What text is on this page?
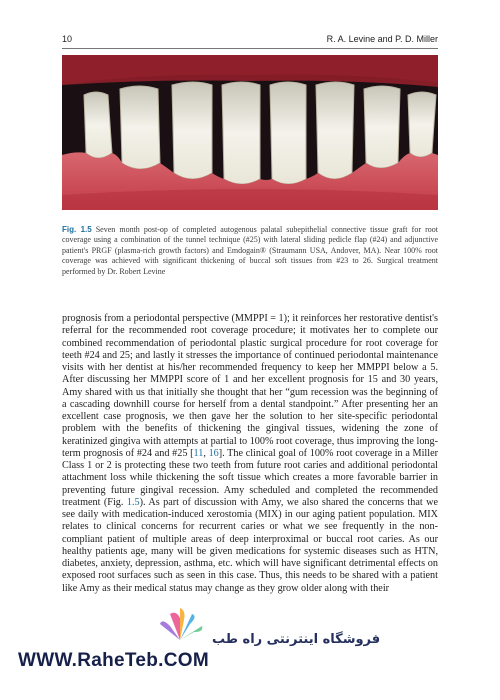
10	R. A. Levine and P. D. Miller
Fig. 1.5 Seven month post-op of completed autogenous palatal subepithelial connective tissue graft for root coverage using a combination of the tunnel technique (#25) with lateral sliding pedicle flap (#24) and adjunctive patient's PRGF (plasma-rich growth factors) and Emdogain® (Straumann USA, Andover, MA). Near 100% root coverage was achieved with significant thickening of buccal soft tissues from #23 to 26. Surgical treatment performed by Dr. Robert Levine
prognosis from a periodontal perspective (MMPPI = 1); it reinforces her restorative dentist's referral for the recommended root coverage procedure; it motivates her to complete our combined recommendation of periodontal plastic surgical procedure for root coverage for teeth #24 and 25; and lastly it stresses the importance of continued periodontal maintenance visits with her dentist at his/her recommended frequency to keep her MMPPI below a 5. After discussing her MMPPI score of 1 and her excellent prognosis for 15 and 30 years, Amy shared with us that initially she thought that her “gum recession was the beginning of a cascading downhill course for herself from a dental standpoint.” After presenting her an excellent case prognosis, we then gave her the solution to her site-specific periodontal problem with the benefits of thickening the gingival tissues, widening the zone of keratinized gingiva with attempts at partial to 100% root coverage, thus improving the long-term prognosis of #24 and #25 [11, 16]. The clinical goal of 100% root coverage in a Miller Class 1 or 2 is protecting these two teeth from future root caries and additional periodontal attachment loss while thickening the soft tissue which creates a more favorable barrier in preventing future gingival recession. Amy scheduled and completed the recommended treatment (Fig. 1.5). As part of discussion with Amy, we also shared the concerns that we see daily with medication-induced xerostomia (MIX) in our aging patient population. MIX relates to clinical concerns for recurrent caries or what we see frequently in the non-compliant patient of multiple areas of deep interproximal or buccal root caries. As our healthy patients age, many will be given medications for systemic diseases such as HTN, diabetes, anxiety, depression, asthma, etc. which will have significant detrimental effects on exposed root surfaces such as seen in this case. Thus, this needs to be shared with a patient like Amy as their medical status may change as they grow older along with their
فروشگاه اینترنتی راه طب
WWW.RaheTeb.COM
